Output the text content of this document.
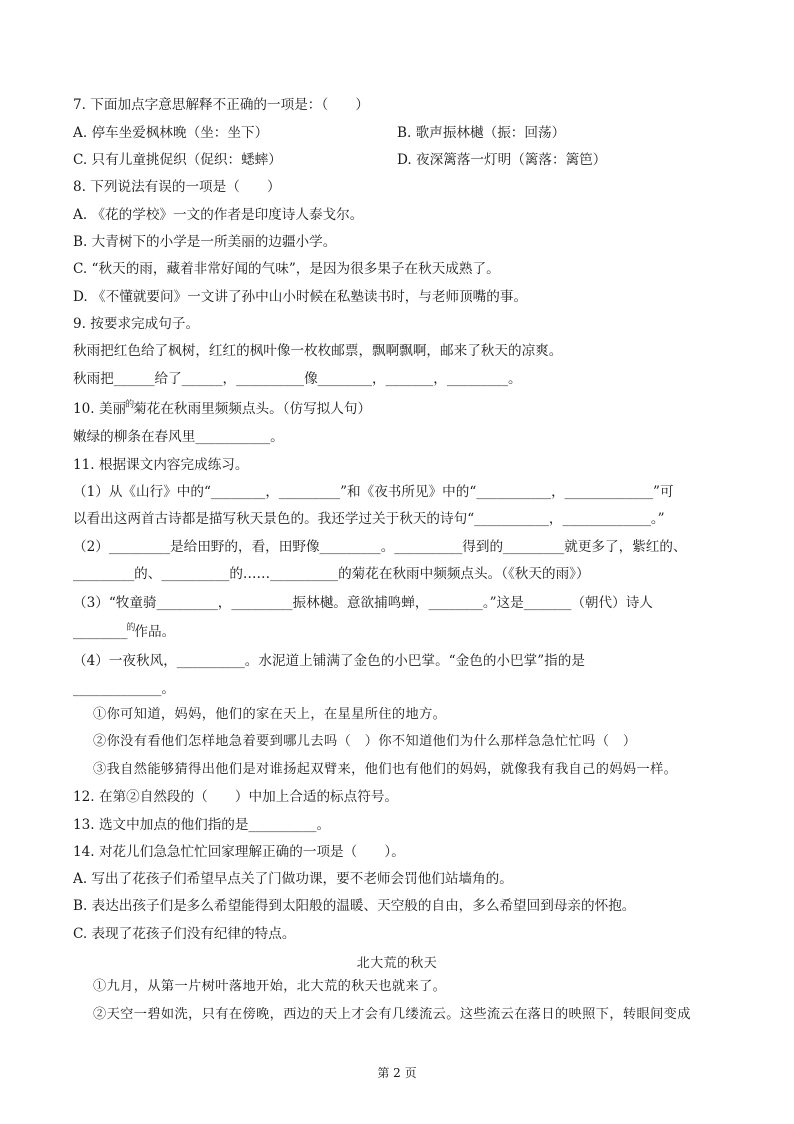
7. 下面加点字意思解释不正确的一项是：（　　）
A. 停车坐爱枫林晚（坐：坐下）	B. 歌声振林樾（振：回荡）
C. 只有儿童挑促织（促织：蟋蟀）	D. 夜深篱落一灯明（篱落：篱笆）
8. 下列说法有误的一项是（　　）
A. 《花的学校》一文的作者是印度诗人泰戈尔。
B. 大青树下的小学是一所美丽的边疆小学。
C. “秋天的雨，藏着非常好闻的气味”，是因为很多果子在秋天成熟了。
D. 《不懂就要问》一文讲了孙中山小时候在私塾读书时，与老师顶嘴的事。
9. 按要求完成句子。
秋雨把红色给了枫树，红红的枫叶像一枚枚邮票，飘啊飘啊，邮来了秋天的凉爽。
秋雨把______给了______，__________像________，_______，_________。
10. 美丽$^的$菊花在秋雨里频频点头。（仿写拟人句）
嫩绿的柳条在春风里___________。
11. 根据课文内容完成练习。
（1）从《山行》中的“________，_________”和《夜书所见》中的“___________，_____________”可
以看出这两首古诗都是描写秋天景色的。我还学过关于秋天的诗句“___________，_____________。”
（2）_________是给田野的，看，田野像_________。__________得到的_________就更多了，紫红的、
_________的、__________的……__________的菊花在秋雨中频频点头。（《秋天的雨》）
（3）“牧童骑_________，_________振林樾。意欲捕鸣蝉，________。”这是_______（朝代）诗人
________$^的$作品。
（4）一夜秋风，__________。水泥道上铺满了金色的小巴掌。“金色的小巴掌”指的是
_____________。
①你可知道，妈妈，他们的家在天上，在星星所住的地方。
②你没有看他们怎样地急着要到哪儿去吗（　）你不知道他们为什么那样急急忙忙吗（　）
③我自然能够猜得出他们是对谁扬起双臂来，他们也有他们的妈妈，就像我有我自己的妈妈一样。
12. 在第②自然段的（　　）中加上合适的标点符号。
13. 选文中加点的他们指的是__________。
14. 对花儿们急急忙忙回家理解正确的一项是（　　）。
A. 写出了花孩子们希望早点关了门做功课，要不老师会罚他们站墙角的。
B. 表达出孩子们是多么希望能得到太阳般的温暖、天空般的自由，多么希望回到母亲的怀抱。
C. 表现了花孩子们没有纪律的特点。
北大荒的秋天
①九月，从第一片树叶落地开始，北大荒的秋天也就来了。
②天空一碧如洗，只有在傍晚，西边的天上才会有几缕流云。这些流云在落日的映照下，转眼间变成
第 2 页
